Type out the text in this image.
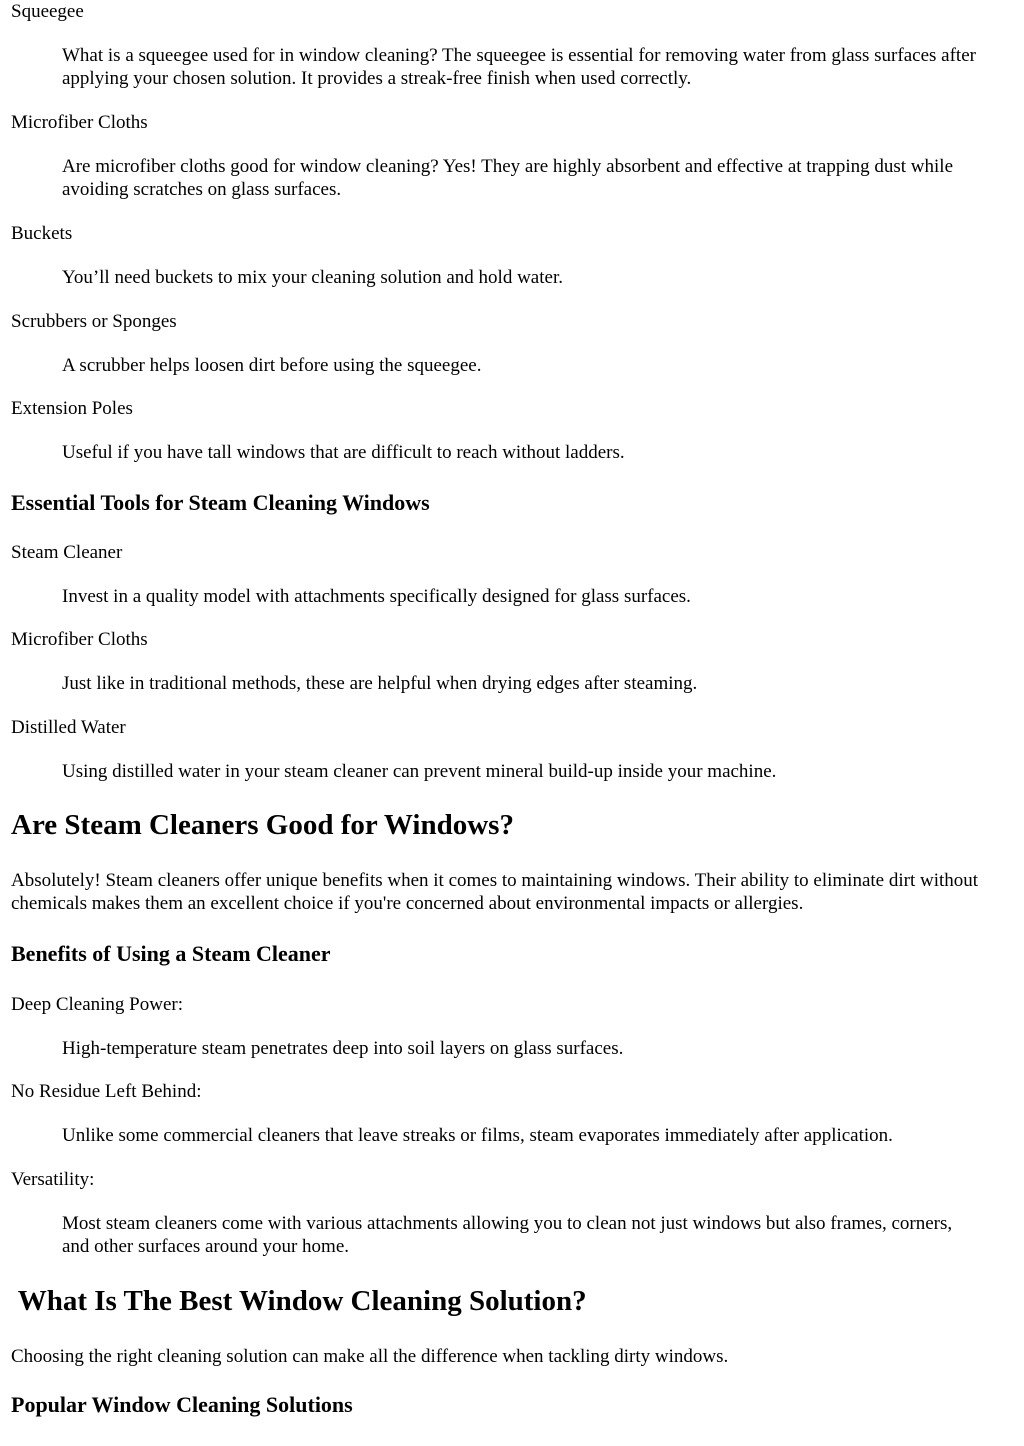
Squeegee
What is a squeegee used for in window cleaning? The squeegee is essential for removing water from glass surfaces after applying your chosen solution. It provides a streak-free finish when used correctly.
Microfiber Cloths
Are microfiber cloths good for window cleaning? Yes! They are highly absorbent and effective at trapping dust while avoiding scratches on glass surfaces.
Buckets
You’ll need buckets to mix your cleaning solution and hold water.
Scrubbers or Sponges
A scrubber helps loosen dirt before using the squeegee.
Extension Poles
Useful if you have tall windows that are difficult to reach without ladders.
Essential Tools for Steam Cleaning Windows
Steam Cleaner
Invest in a quality model with attachments specifically designed for glass surfaces.
Microfiber Cloths
Just like in traditional methods, these are helpful when drying edges after steaming.
Distilled Water
Using distilled water in your steam cleaner can prevent mineral build-up inside your machine.
Are Steam Cleaners Good for Windows?
Absolutely! Steam cleaners offer unique benefits when it comes to maintaining windows. Their ability to eliminate dirt without chemicals makes them an excellent choice if you're concerned about environmental impacts or allergies.
Benefits of Using a Steam Cleaner
Deep Cleaning Power:
High-temperature steam penetrates deep into soil layers on glass surfaces.
No Residue Left Behind:
Unlike some commercial cleaners that leave streaks or films, steam evaporates immediately after application.
Versatility:
Most steam cleaners come with various attachments allowing you to clean not just windows but also frames, corners, and other surfaces around your home.
What Is The Best Window Cleaning Solution?
Choosing the right cleaning solution can make all the difference when tackling dirty windows.
Popular Window Cleaning Solutions
